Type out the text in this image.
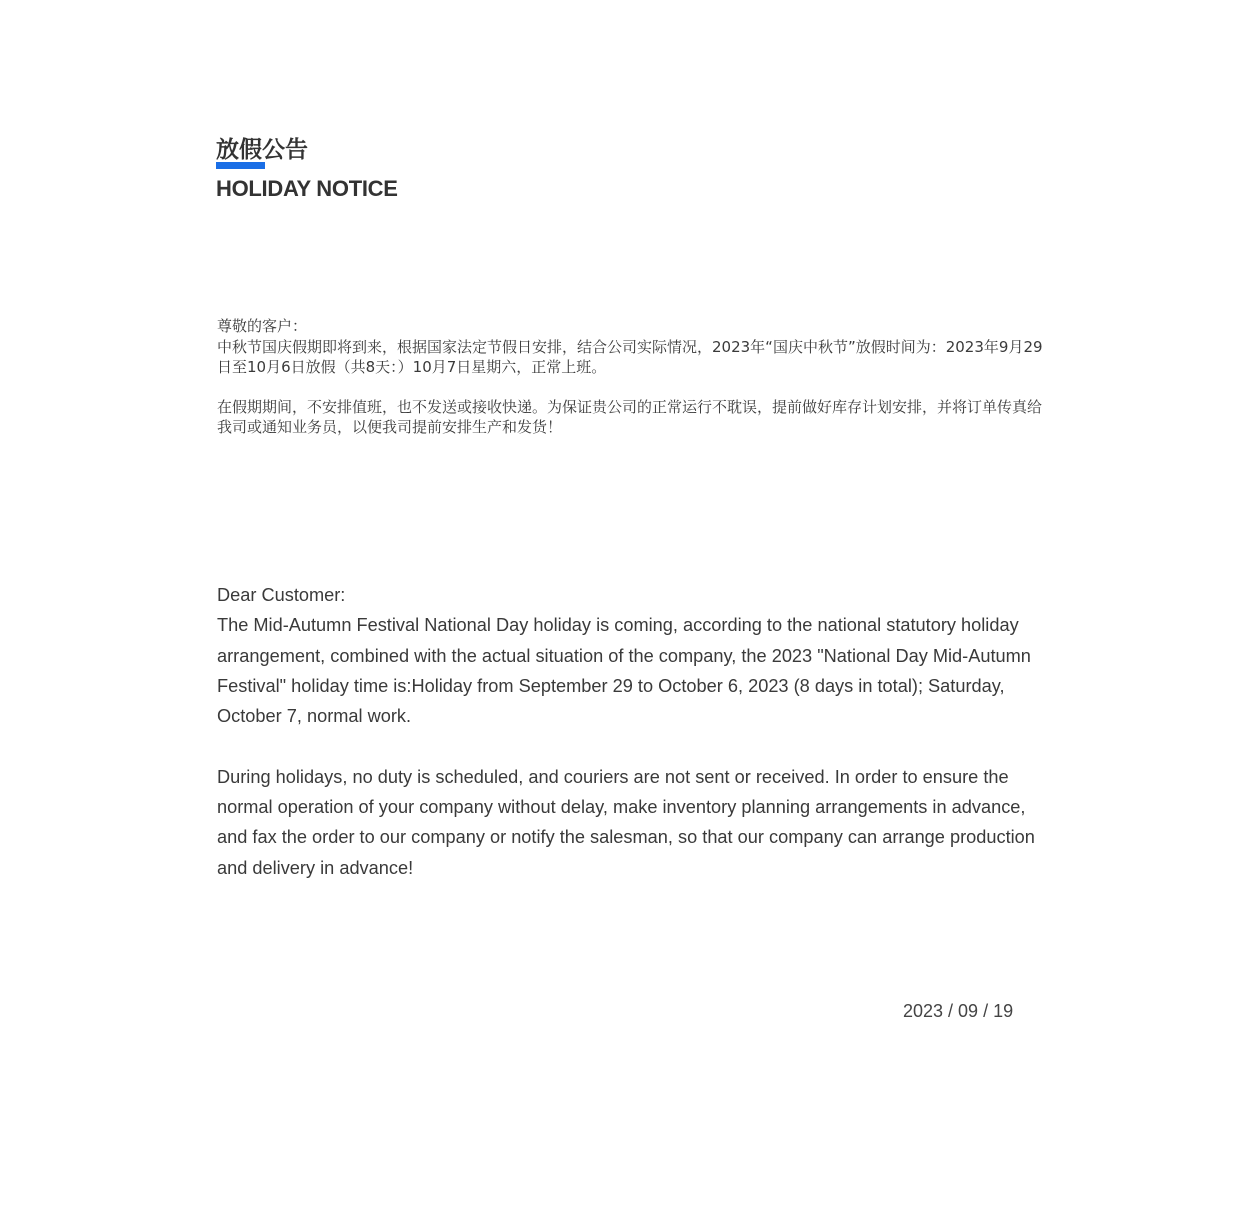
放假公告
HOLIDAY NOTICE

尊敬的客户：

中秋节国庆假期即将到来，根据国家法定节假日安排，结合公司实际情况，2023年“国庆中秋节”放假时间为：2023年9月29日至10月6日放假（共8天：）10月7日星期六，正常上班。

在假期期间，不安排值班，也不发送或接收快递。为保证贵公司的正常运行不耽误，提前做好库存计划安排，并将订单传真给我司或通知业务员，以便我司提前安排生产和发货！

Dear Customer:

The Mid-Autumn Festival National Day holiday is coming, according to the national statutory holiday arrangement, combined with the actual situation of the company, the 2023 "National Day Mid-Autumn Festival" holiday time is:Holiday from September 29 to October 6, 2023 (8 days in total); Saturday, October 7, normal work.

During holidays, no duty is scheduled, and couriers are not sent or received. In order to ensure the normal operation of your company without delay, make inventory planning arrangements in advance, and fax the order to our company or notify the salesman, so that our company can arrange production and delivery in advance!

2023 / 09 / 19
